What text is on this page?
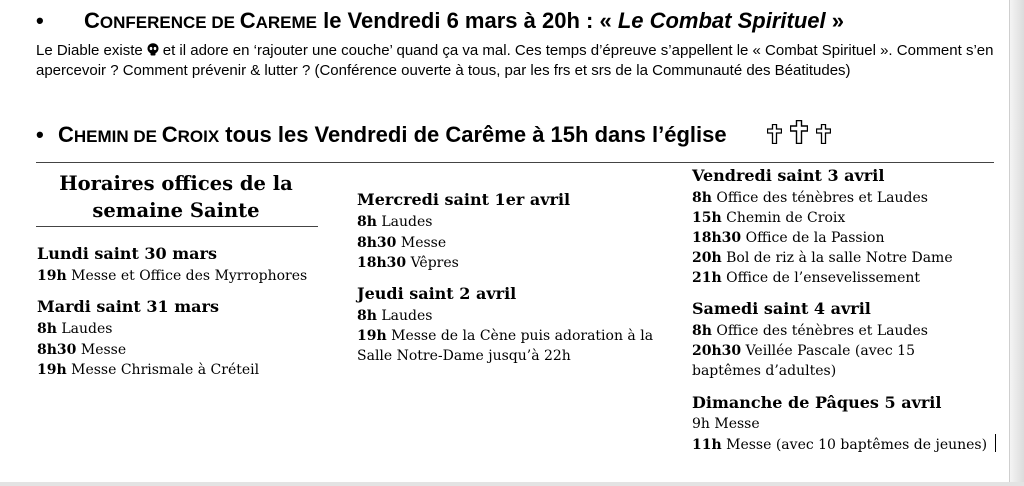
• CONFERENCE DE CAREME le Vendredi 6 mars à 20h : « Le Combat Spirituel »
Le Diable existe et il adore en ‘rajouter une couche’ quand ça va mal. Ces temps d’épreuve s’appellent le « Combat Spirituel ». Comment s’en apercevoir ? Comment prévenir & lutter ? (Conférence ouverte à tous, par les frs et srs de la Communauté des Béatitudes)
• CHEMIN DE CROIX tous les Vendredi de Carême à 15h dans l’église
Horaires offices de la
semaine Sainte
Lundi saint 30 mars
19h Messe et Office des Myrrophores
Mardi saint 31 mars
8h Laudes
8h30 Messe
19h Messe Chrismale à Créteil
Mercredi saint 1er avril
8h Laudes
8h30 Messe
18h30 Vêpres
Jeudi saint 2 avril
8h Laudes
19h Messe de la Cène puis adoration à la
Salle Notre-Dame jusqu’à 22h
Vendredi saint 3 avril
8h Office des ténèbres et Laudes
15h Chemin de Croix
18h30 Office de la Passion
20h Bol de riz à la salle Notre Dame
21h Office de l’ensevelissement
Samedi saint 4 avril
8h Office des ténèbres et Laudes
20h30 Veillée Pascale (avec 15
baptêmes d’adultes)
Dimanche de Pâques 5 avril
9h Messe
11h Messe (avec 10 baptêmes de jeunes)
